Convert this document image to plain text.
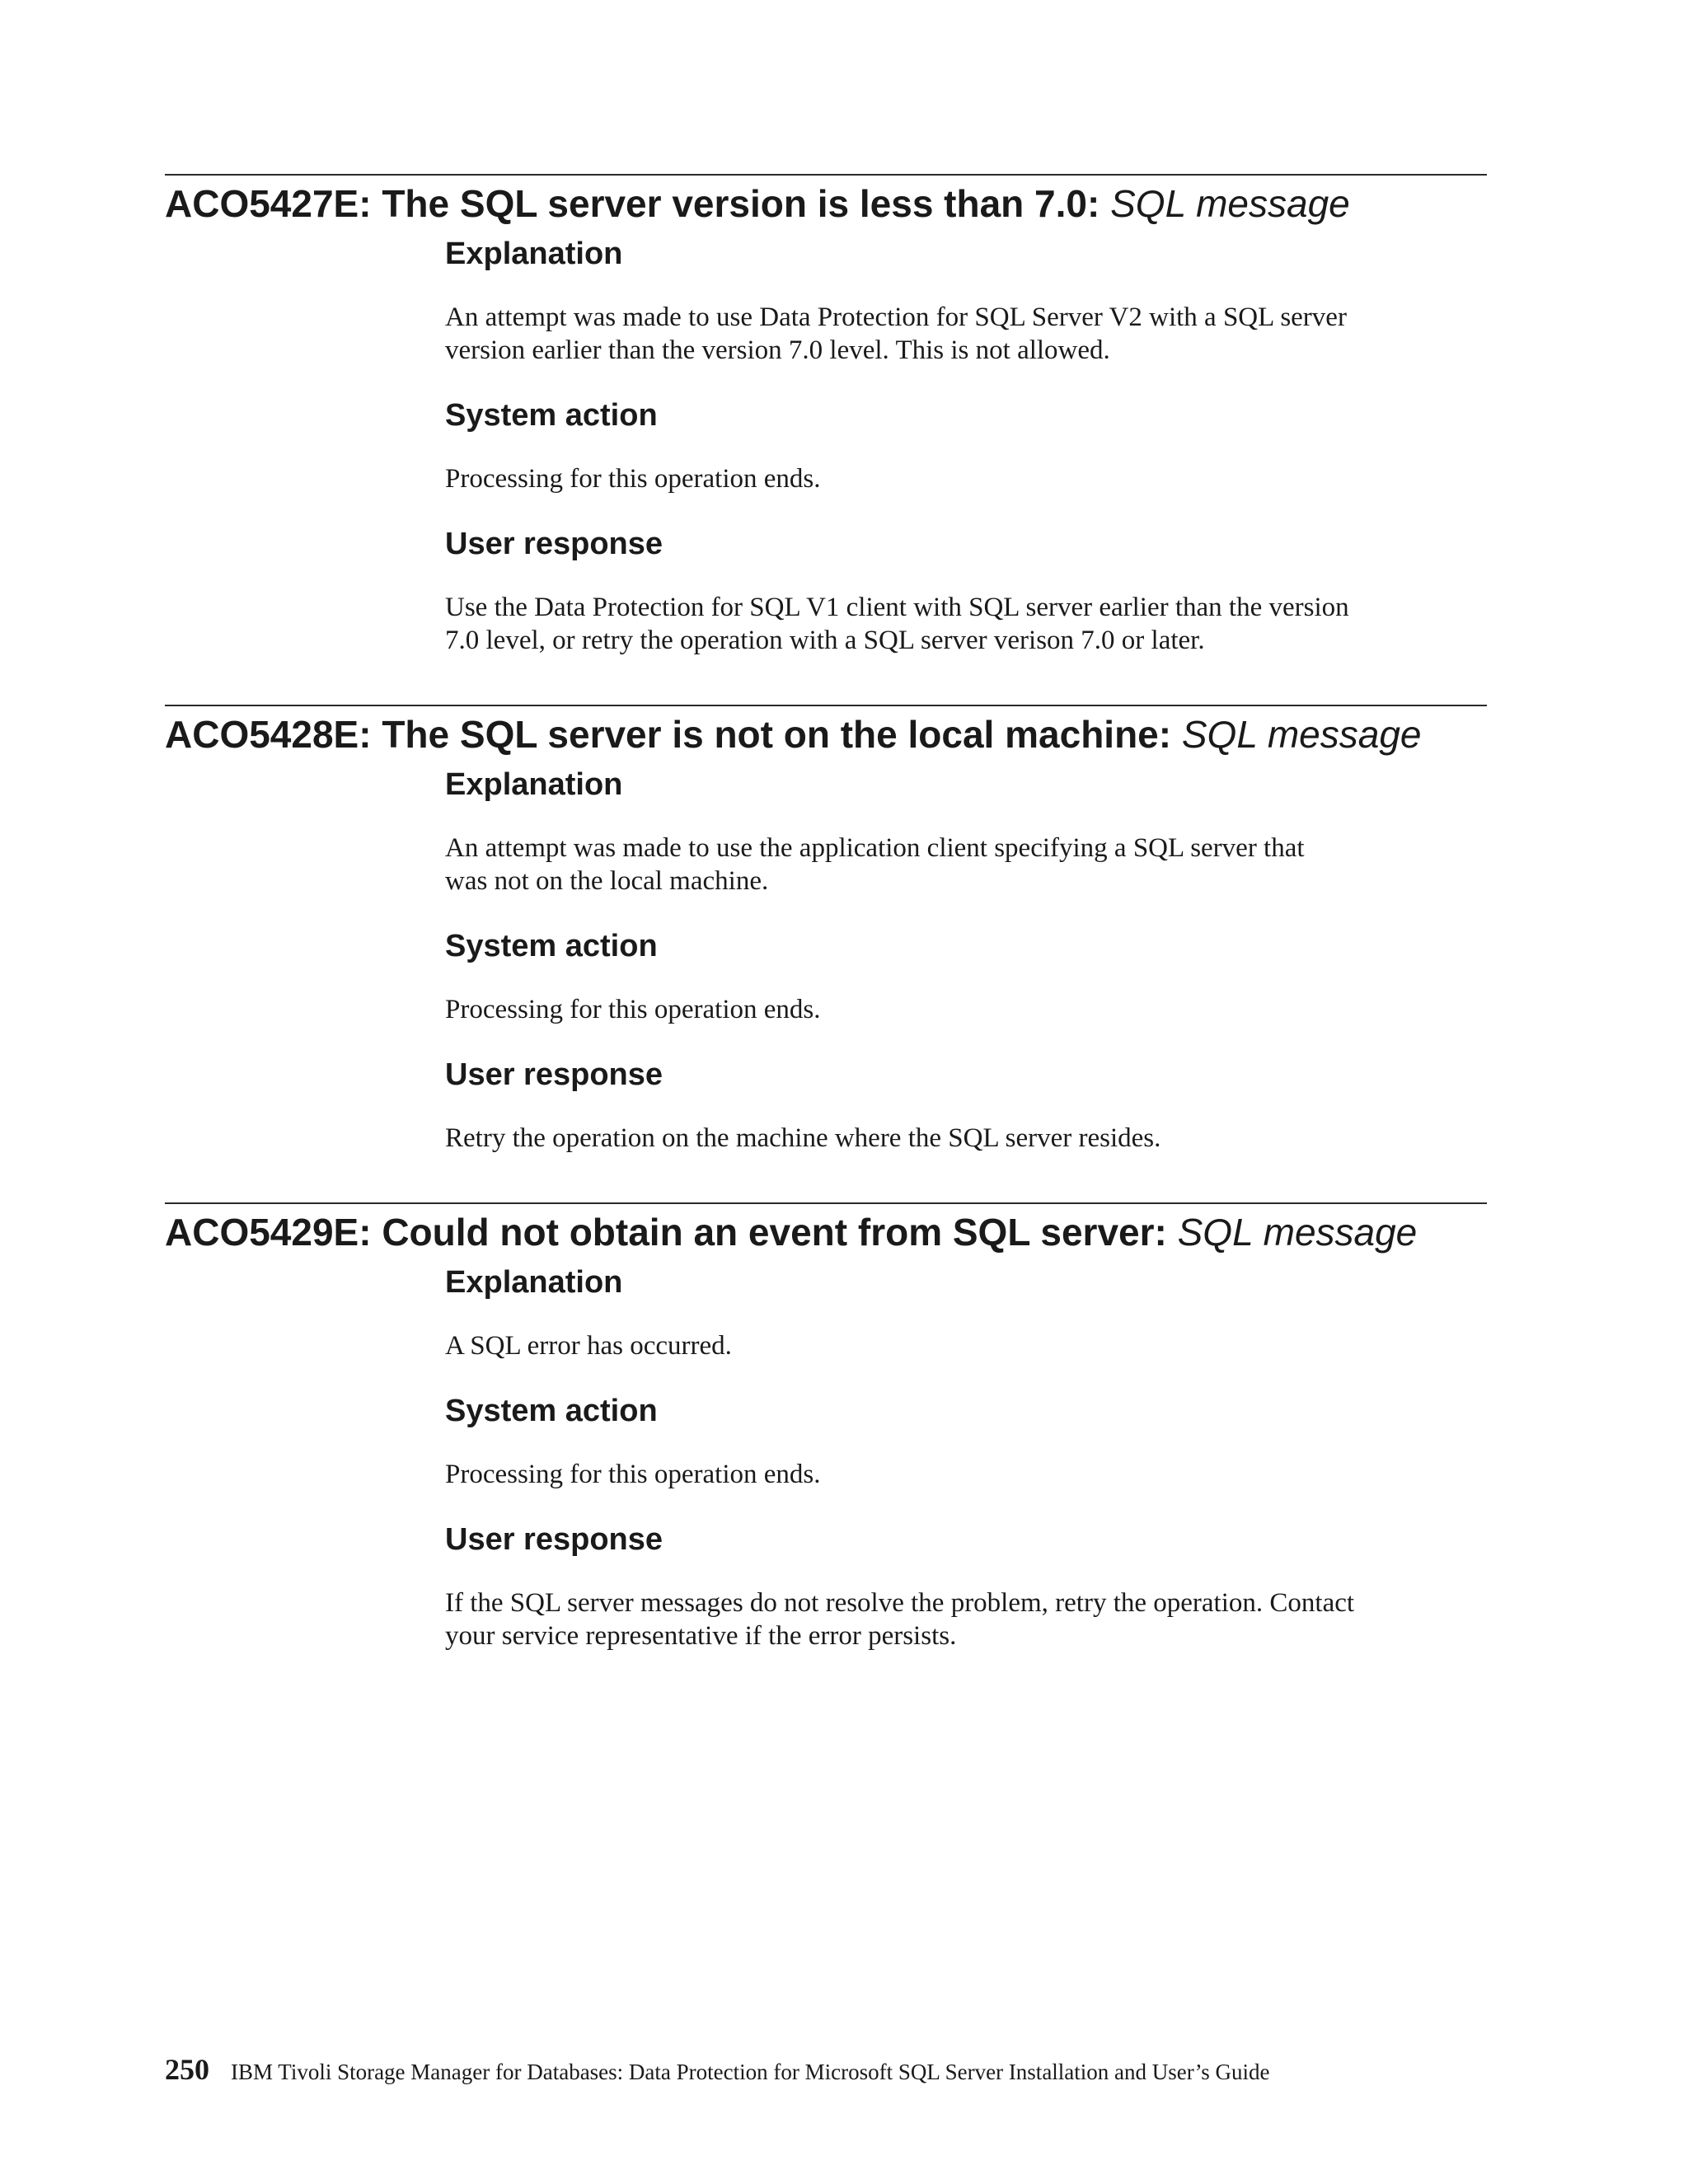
ACO5427E: The SQL server version is less than 7.0: SQL message
Explanation
An attempt was made to use Data Protection for SQL Server V2 with a SQL server
version earlier than the version 7.0 level. This is not allowed.
System action
Processing for this operation ends.
User response
Use the Data Protection for SQL V1 client with SQL server earlier than the version
7.0 level, or retry the operation with a SQL server verison 7.0 or later.
ACO5428E: The SQL server is not on the local machine: SQL message
Explanation
An attempt was made to use the application client specifying a SQL server that
was not on the local machine.
System action
Processing for this operation ends.
User response
Retry the operation on the machine where the SQL server resides.
ACO5429E: Could not obtain an event from SQL server: SQL message
Explanation
A SQL error has occurred.
System action
Processing for this operation ends.
User response
If the SQL server messages do not resolve the problem, retry the operation. Contact
your service representative if the error persists.
250 IBM Tivoli Storage Manager for Databases: Data Protection for Microsoft SQL Server Installation and User’s Guide
